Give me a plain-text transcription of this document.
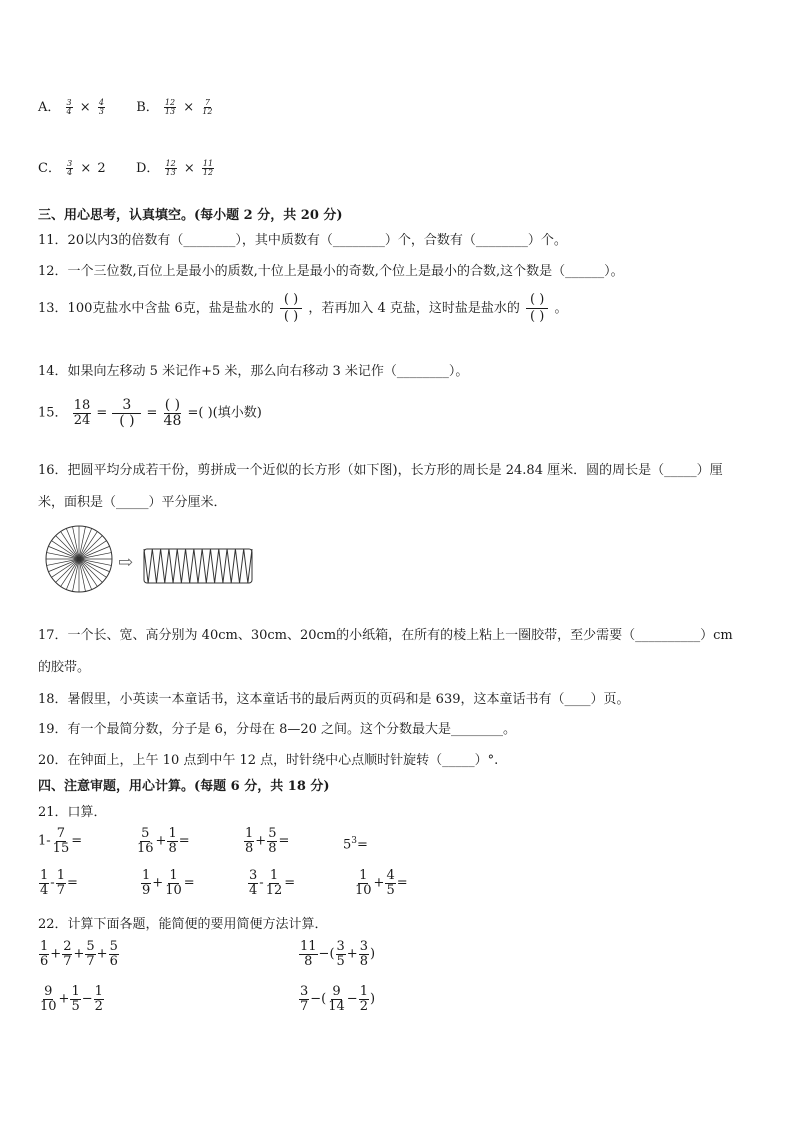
A． $\frac{3}{4} \times \frac{4}{3}$ B． $\frac{12}{13} \times \frac{7}{12}$
C． $\frac{3}{4} \times 2$ D． $\frac{12}{13} \times \frac{11}{12}$
三、用心思考，认真填空。(每小题 2 分，共 20 分)
11．20以内3的倍数有（________），其中质数有（________）个，合数有（________）个。
12．一个三位数,百位上是最小的质数,十位上是最小的奇数,个位上是最小的合数,这个数是（______）。
13．100克盐水中含盐 6克，盐是盐水的 $\frac{( )}{( )}$ ，若再加入 4 克盐，这时盐是盐水的 $\frac{( )}{( )}$ 。
14．如果向左移动 5 米记作+5 米，那么向右移动 3 米记作（________）。
15． $\frac{18}{24} = \frac{3}{( )} = \frac{( )}{48}$ =( )(填小数)
16．把圆平均分成若干份，剪拼成一个近似的长方形（如下图)，长方形的周长是 24.84 厘米．圆的周长是（_____）厘
米，面积是（_____）平分厘米．
⇨
17．一个长、宽、高分别为 40cm、30cm、20cm的小纸箱，在所有的棱上粘上一圈胶带，至少需要（__________）cm
的胶带。
18．暑假里，小英读一本童话书，这本童话书的最后两页的页码和是 639，这本童话书有（____）页。
19．有一个最简分数，分子是 6，分母在 8—20 之间。这个分数最大是________。
20．在钟面上，上午 10 点到中午 12 点，时针绕中心点顺时针旋转（_____）°.
四、注意审题，用心计算。(每题 6 分，共 18 分)
21．口算．
$1- \frac{7}{15}$ =	$\frac{5}{16} + \frac{1}{8}$ =	$\frac{1}{8} + \frac{5}{8}$ =	$5^3=$
$\frac{1}{4} - \frac{1}{7}$ =	$\frac{1}{9} + \frac{1}{10}$ =	$\frac{3}{4} - \frac{1}{12}$ =	$\frac{1}{10} + \frac{4}{5}$ =
22．计算下面各题，能简便的要用简便方法计算．
$\frac{1}{6} + \frac{2}{7} + \frac{5}{7} + \frac{5}{6}$	$\frac{11}{8}$ −( $\frac{3}{5} + \frac{3}{8}$ )
$\frac{9}{10} + \frac{1}{5} - \frac{1}{2}$	$\frac{3}{7}$ −( $\frac{9}{14} - \frac{1}{2}$ )
